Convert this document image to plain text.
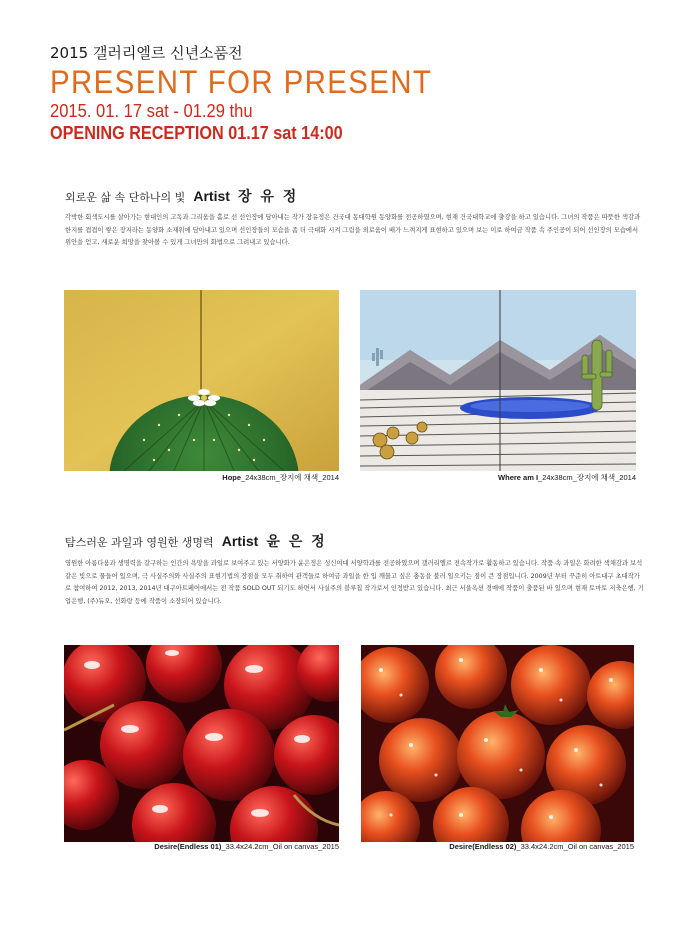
2015 갤러리엘르 신년소품전
PRESENT FOR PRESENT
2015. 01. 17 sat - 01.29 thu
OPENING RECEPTION 01.17 sat 14:00
외로운 삶 속 단하나의 빛 Artist 장 유 정
각박한 회색도시를 살아가는 현대인의 고독과 그리움을 홀로 선 선인장에 담아내는 작가 장유정은 건국대 동대학원 동양화를 전공하였으며, 현재 건국대학교에 출강을 하고 있습니다. 그녀의 작품은 따뜻한 색감과 한지를 겹겹이 쌓은 장지라는 동양화 소재위에 담아내고 있으며 선인장들의 모습을 좀 더 극대화 시켜 그림을 외로움이 배가 느껴지게 표현하고 있으며 보는 이로 하여금 작품 속 주인공이 되어 선인장의 모습에서 위안을 얻고, 새로운 희망을 찾아볼 수 있게 그녀만의 화법으로 그려내고 있습니다.
Hope_24x38cm_장지에 채색_2014	Where am I_24x38cm_장지에 채색_2014
탐스러운 과일과 영원한 생명력 Artist 윤 은 정
영원한 아름다움과 생명력을 갈구하는 인간의 욕망을 과일로 보여주고 있는 서양화가 윤은정은 성신여대 서양학과를 전공하였으며 갤러리엘르 전속작가로 활동하고 있습니다. 작품 속 과일은 화려한 색채감과 보석 같은 빛으로 물들어 있으며, 극 사실주의와 사실주의 표현기법의 장점을 모두 취하여 관객들로 하여금 과일을 한 입 깨물고 싶은 충동을 불러 일으키는 점이 큰 장점입니다. 2009년 부터 꾸준히 아트대구 초대작가로 참여하여 2012, 2013, 2014년 대구아트페어에서는 전 작품 SOLD OUT 되기도 하면서 사실주의 블루칩 작가로서 인정받고 있습니다. 최근 서울옥션 경매에 작품이 출품된 바 있으며 현재 토마토 저축은행, 기업은행, (주)듀오, 선화랑 등에 작품이 소장되어 있습니다.
Desire(Endless 01)_33.4x24.2cm_Oil on canvas_2015	Desire(Endless 02)_33.4x24.2cm_Oil on canvas_2015
